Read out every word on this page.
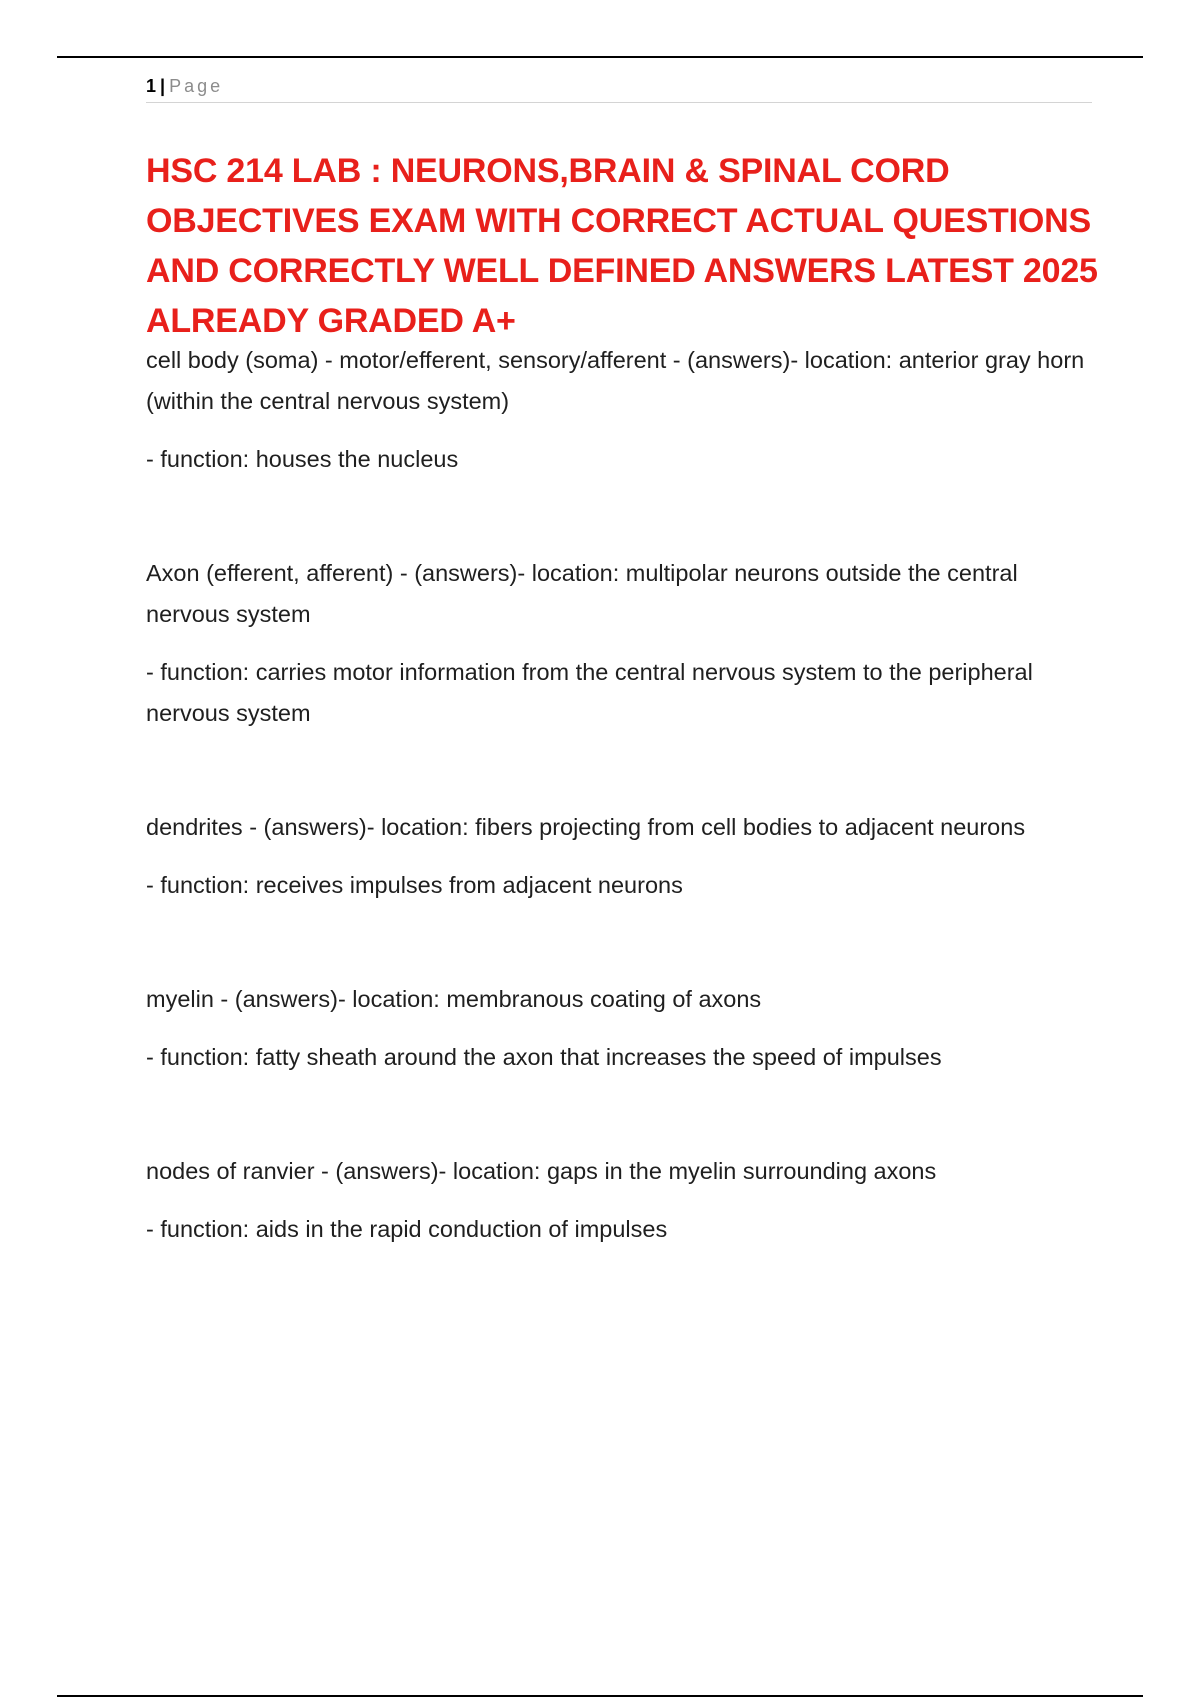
1 | Page
HSC 214 LAB : NEURONS,BRAIN & SPINAL CORD OBJECTIVES EXAM WITH CORRECT ACTUAL QUESTIONS AND CORRECTLY WELL DEFINED ANSWERS LATEST 2025 ALREADY GRADED A+

cell body (soma) - motor/efferent, sensory/afferent - (answers)- location: anterior gray horn (within the central nervous system)

- function: houses the nucleus

Axon (efferent, afferent) - (answers)- location: multipolar neurons outside the central nervous system

- function: carries motor information from the central nervous system to the peripheral nervous system

dendrites - (answers)- location: fibers projecting from cell bodies to adjacent neurons

- function: receives impulses from adjacent neurons

myelin - (answers)- location: membranous coating of axons

- function: fatty sheath around the axon that increases the speed of impulses

nodes of ranvier - (answers)- location: gaps in the myelin surrounding axons

- function: aids in the rapid conduction of impulses
